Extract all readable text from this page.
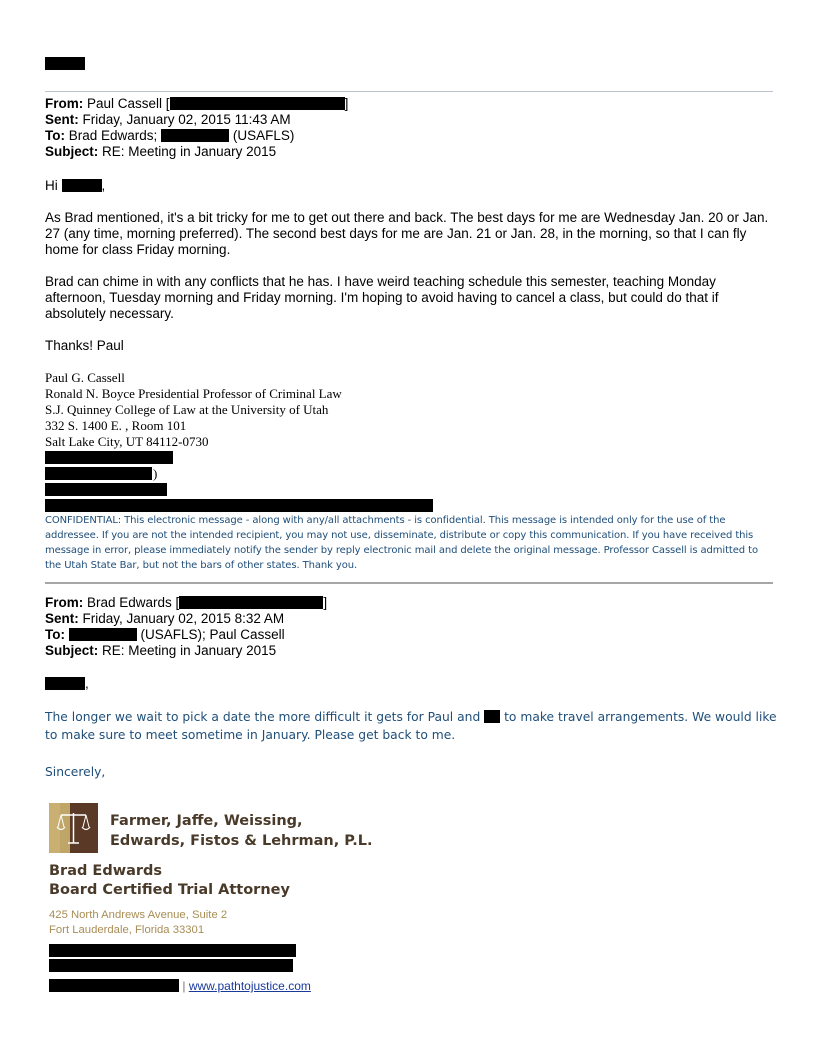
From: Paul Cassell [	]
Sent: Friday, January 02, 2015 11:43 AM
To: Brad Edwards;	(USAFLS)
Subject: RE: Meeting in January 2015
Hi	,
As Brad mentioned, it's a bit tricky for me to get out there and back. The best days for me are Wednesday Jan. 20 or Jan. 27 (any time, morning preferred). The second best days for me are Jan. 21 or Jan. 28, in the morning, so that I can fly home for class Friday morning.
Brad can chime in with any conflicts that he has. I have weird teaching schedule this semester, teaching Monday afternoon, Tuesday morning and Friday morning. I'm hoping to avoid having to cancel a class, but could do that if absolutely necessary.
Thanks! Paul
Paul G. Cassell
Ronald N. Boyce Presidential Professor of Criminal Law
S.J. Quinney College of Law at the University of Utah
332 S. 1400 E. , Room 101
Salt Lake City, UT 84112-0730
)
CONFIDENTIAL: This electronic message - along with any/all attachments - is confidential. This message is intended only for the use of the addressee. If you are not the intended recipient, you may not use, disseminate, distribute or copy this communication. If you have received this message in error, please immediately notify the sender by reply electronic mail and delete the original message. Professor Cassell is admitted to the Utah State Bar, but not the bars of other states. Thank you.
From: Brad Edwards [	]
Sent: Friday, January 02, 2015 8:32 AM
To:	(USAFLS); Paul Cassell
Subject: RE: Meeting in January 2015
,
The longer we wait to pick a date the more difficult it gets for Paul and to make travel arrangements. We would like to make sure to meet sometime in January. Please get back to me.
Sincerely,
Farmer, Jaffe, Weissing,
Edwards, Fistos & Lehrman, P.L.
Brad Edwards
Board Certified Trial Attorney
425 North Andrews Avenue, Suite 2
Fort Lauderdale, Florida 33301
| www.pathtojustice.com
